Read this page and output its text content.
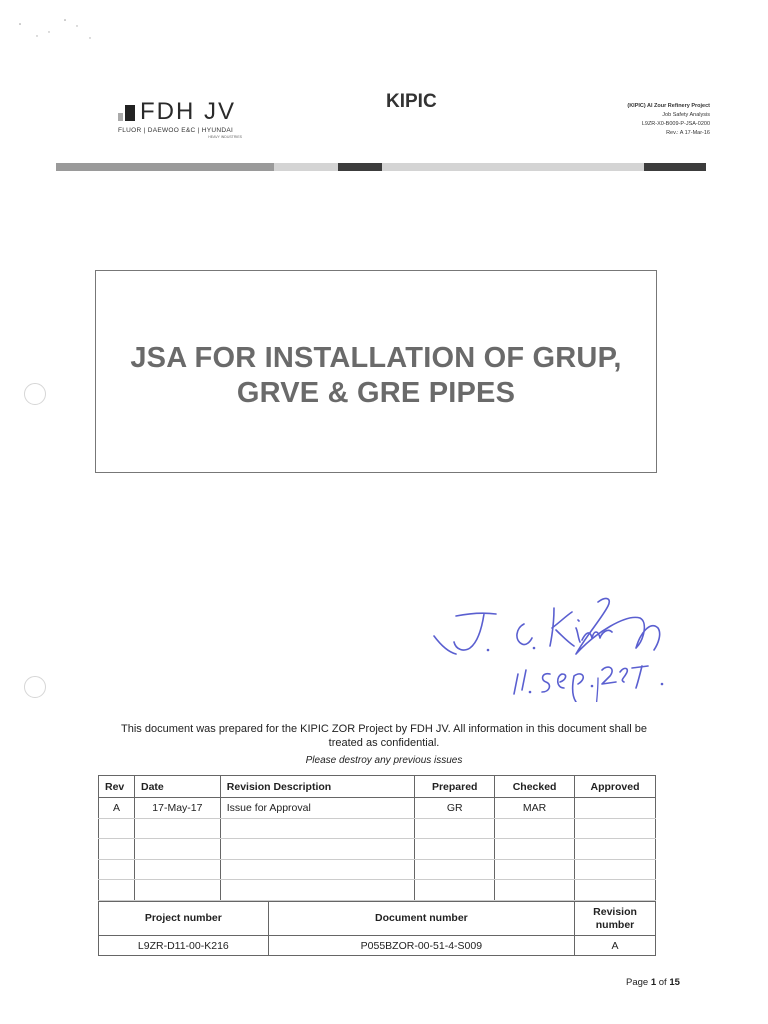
FDH JV
FLUOR | DAEWOO E&C | HYUNDAI
HEAVY INDUSTRIES
KIPIC	(KIPIC) Al Zour Refinery Project
Job Safety Analysis
L9ZR-X0-B009-P-JSA-0200
Rev.: A 17-Mar-16
JSA FOR INSTALLATION OF GRUP,
GRVE & GRE PIPES
This document was prepared for the KIPIC ZOR Project by FDH JV. All information in this document shall be
treated as confidential.
Please destroy any previous issues
Rev	Date	Revision Description	Prepared	Checked	Approved
A	17-May-17	Issue for Approval	GR	MAR	

Project number	Document number	Revision number
L9ZR-D11-00-K216	P055BZOR-00-51-4-S009	A
Page 1 of 15
